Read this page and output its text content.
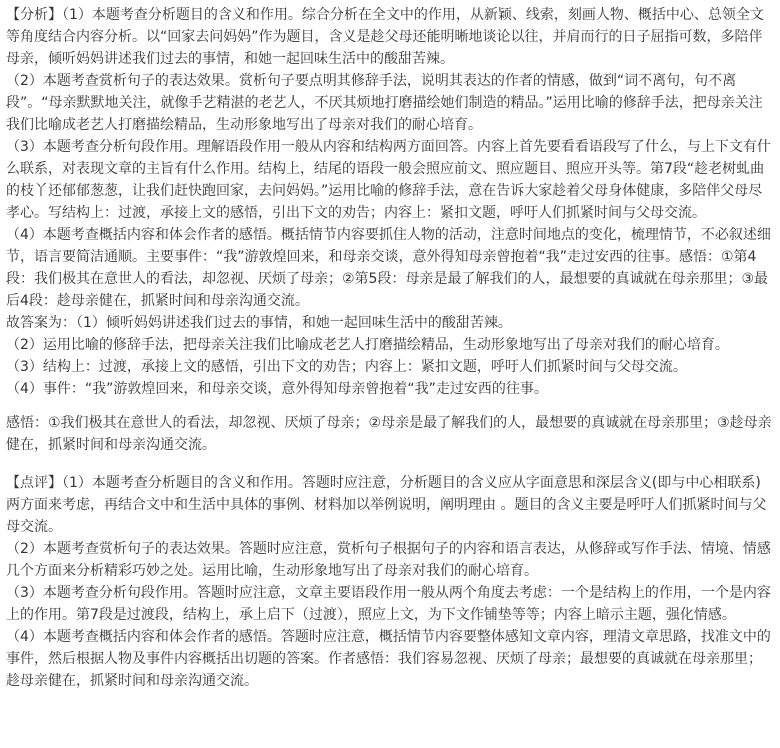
【分析】（1）本题考查分析题目的含义和作用。综合分析在全文中的作用，从新颖、线索，刻画人物、概括中心、总领全文等角度结合内容分析。以“回家去问妈妈”作为题目，含义是趁父母还能明晰地谈论以往，并肩而行的日子屈指可数，多陪伴母亲，倾听妈妈讲述我们过去的事情，和她一起回味生活中的酸甜苦辣。

（2）本题考查赏析句子的表达效果。赏析句子要点明其修辞手法，说明其表达的作者的情感，做到“词不离句，句不离段”。“母亲默默地关注，就像手艺精湛的老艺人，不厌其烦地打磨描绘她们制造的精品。”运用比喻的修辞手法，把母亲关注我们比喻成老艺人打磨描绘精品，生动形象地写出了母亲对我们的耐心培育。

（3）本题考查分析句段作用。理解语段作用一般从内容和结构两方面回答。内容上首先要看看语段写了什么，与上下文有什么联系，对表现文章的主旨有什么作用。结构上，结尾的语段一般会照应前文、照应题目、照应开头等。第7段“趁老树虬曲的枝丫还郁郁葱葱，让我们赶快跑回家，去问妈妈。”运用比喻的修辞手法，意在告诉大家趁着父母身体健康，多陪伴父母尽孝心。写结构上：过渡，承接上文的感悟，引出下文的劝告；内容上：紧扣文题，呼吁人们抓紧时间与父母交流。

（4）本题考查概括内容和体会作者的感悟。概括情节内容要抓住人物的活动，注意时间地点的变化，梳理情节，不必叙述细节，语言要简洁通顺。主要事件：“我”游敦煌回来，和母亲交谈，意外得知母亲曾抱着“我”走过安西的往事。感悟：①第4段：我们极其在意世人的看法，却忽视、厌烦了母亲；②第5段：母亲是最了解我们的人，最想要的真诚就在母亲那里；③最后4段：趁母亲健在，抓紧时间和母亲沟通交流。

故答案为：（1）倾听妈妈讲述我们过去的事情，和她一起回味生活中的酸甜苦辣。

（2）运用比喻的修辞手法，把母亲关注我们比喻成老艺人打磨描绘精品，生动形象地写出了母亲对我们的耐心培育。

（3）结构上：过渡，承接上文的感悟，引出下文的劝告；内容上：紧扣文题，呼吁人们抓紧时间与父母交流。

（4）事件：“我”游敦煌回来，和母亲交谈，意外得知母亲曾抱着“我”走过安西的往事。

感悟：①我们极其在意世人的看法，却忽视、厌烦了母亲；②母亲是最了解我们的人，最想要的真诚就在母亲那里；③趁母亲健在，抓紧时间和母亲沟通交流。

【点评】（1）本题考查分析题目的含义和作用。答题时应注意，分析题目的含义应从字面意思和深层含义(即与中心相联系)两方面来考虑，再结合文中和生活中具体的事例、材料加以举例说明，阐明理由 。题目的含义主要是呼吁人们抓紧时间与父母交流。

（2）本题考查赏析句子的表达效果。答题时应注意，赏析句子根据句子的内容和语言表达，从修辞或写作手法、情境、情感几个方面来分析精彩巧妙之处。运用比喻，生动形象地写出了母亲对我们的耐心培育。

（3）本题考查分析句段作用。答题时应注意，文章主要语段作用一般从两个角度去考虑：一个是结构上的作用，一个是内容上的作用。第7段是过渡段，结构上，承上启下（过渡），照应上文，为下文作铺垫等等；内容上暗示主题，强化情感。

（4）本题考查概括内容和体会作者的感悟。答题时应注意，概括情节内容要整体感知文章内容，理清文章思路，找准文中的事件，然后根据人物及事件内容概括出切题的答案。作者感悟：我们容易忽视、厌烦了母亲；最想要的真诚就在母亲那里；趁母亲健在，抓紧时间和母亲沟通交流。
